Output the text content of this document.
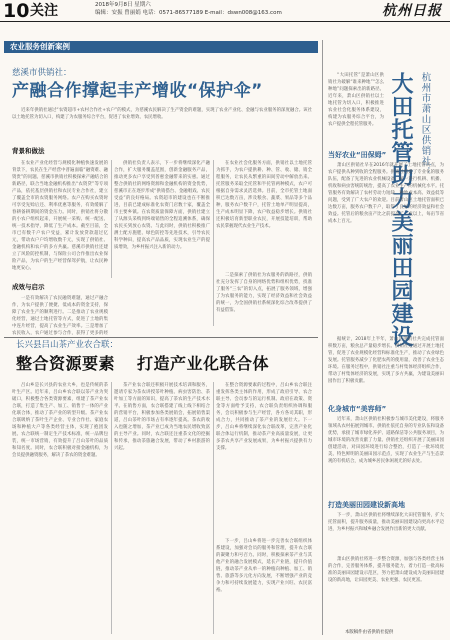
10 关注	2018年9月8日 星期六
编辑：安振 曾丽娟 电话：0571-86577189 E-mail：dswn008@163.com	杭州日报
农业服务创新案例
慈溪市供销社：
产融合作撑起丰产增收“保护伞”

近来年供销社通过“农资超市+农村合作社+农户”的模式，为慈溪农民解决了生产资金的难题，实现了农业产业化、金融与农业服务的深度融合。该社以土地托管为切入口，构建了为农服务综合平台，促进了农业增效、农民增收。

背景和做法

在农业产业化经营与规模化种植快速发展的背景下，农民在生产经营中普遍面临“融资难、融资贵”的问题。慈溪市供销社积极探索产融结合的新路径，联合当地金融机构推出“农资贷”等专项产品，依托基层供销社和农民专业合作社，建立了覆盖全市的农资服务网络。农户在购买农资时可享受先赊后还、利率优惠等服务，有效缓解了春耕备耕期间的资金压力。同时，供销社将分散的小农户组织起来，开展统一采购、统一配送、统一技术指导，降低了生产成本。截至目前，全市已有数千户农户受益，累计发放贷款超过亿元，带动农户户均增收数千元，实现了供销社、金融机构和农户的多方共赢。慈溪市供销社还建立了风险防控机制，与保险公司合作推出农业保险产品，为农户的生产经营保驾护航，让农民种地更安心。

供销社负责人表示，下一步将继续深化产融合作，扩大服务覆盖范围，创新金融服务产品，推动更多农户享受到普惠金融带来的实惠。通过整合供销社的网络资源和金融机构的资金优势，慈溪市正在逐步形成“供销搭台、金融唱戏、农民受益”的良好格局。农资超市的建设也在不断推进，目前已建成标准化农资门店数十家，覆盖全市主要乡镇。在农资质量保障方面，供销社建立了从源头采购到终端销售的全程追溯体系，确保农民买到放心农资。与此同时，供销社积极推广测土配方施肥、绿色防控等先进技术，引导农民科学种田，提高农产品品质，实现农业生产的提质增效，为乡村振兴注入新的动力。

在农业社会化服务方面，供销社以土地托管为抓手，为农户提供耕、种、管、收、储、销全程服务，让农民从繁重的田间劳动中解放出来。托管服务采取全托管和半托管两种模式，农户可根据自身需求灵活选择。目前，全市托管土地面积已达数万亩，涉及粮食、蔬菜、果品等多个品种，服务农户数千户，托管土地单产明显提高，生产成本明显下降，农户收益稳步增长。供销社还积极培育新型职业农民，开展技能培训，帮助农民掌握现代农业生产技术。

成效与启示

一是有效解决了农民融资难题，通过产融合作，为农户提供了便捷、低成本的资金支持，保障了农业生产的顺利进行。二是推动了农业规模化经营，通过土地托管等方式，促进了土地的集中连片经营，提高了农业生产效率。三是增加了农民收入，农户通过参与合作，获得了更多的经

二是探索了供销社为农服务的新路径，供销社充分发挥了自身的网络优势和组织优势，找准了服务“三农”的切入点，拓展了服务领域，增强了为农服务的能力，实现了经济效益和社会效益的统一，为全国供销社系统深化综合改革提供了有益借鉴。

长兴县吕山茶产业农合联：
整合资源要素 打造产业化联合体

吕山乡是长兴县的农业大乡，也是传统的茶叶生产区。近年来，吕山乡农合联以茶产业为突破口，积极整合各类资源要素，组建了茶产业农合联，打造了集生产、加工、销售于一体的产业化联合体，推动了茶产业的转型升级。茶产业农合联吸纳了茶叶生产企业、专业合作社、家庭农场和种植大户等各类经营主体，实现了抱团发展。农合联统一制定生产技术标准，统一品牌包装，统一市场营销，有效提升了吕山茶叶的品质和知名度。同时，农合联积极对接金融机构，为会员提供融资服务，解决了茶农的资金难题。

茶产业农合联还积极开展技术培训和服务，邀请专家为茶农讲授茶叶种植、病虫害防治、茶叶加工等方面的知识，提高了茶农的生产技术水平。在销售方面，农合联搭建了线上线下相结合的营销平台，积极参加各类展销会，拓展销售渠道，吕山茶叶的市场占有率逐年提高。茶农的收入也随之增加，茶产业已成为当地农民增收致富的主导产业。同时，农合联还注重茶文化的挖掘和传承，推动茶旅融合发展，带动了乡村旅游的兴起。

在整合资源要素的过程中，吕山乡农合联注重发挥各类主体的作用，形成了政府引导、农合联主导、会员参与的运行机制。政府在政策、资金等方面给予支持，农合联负责组织协调和服务，会员积极参与生产经营，各方各司其职，形成合力，共同推动了茶产业的发展壮大。下一步，吕山乡将继续深化农合联改革，完善产业化联合体运行机制，推动茶产业高质量发展，让更多茶农共享产业发展成果，为乡村振兴提供有力支撑。

下一步，吕山乡将进一步完善农合联组织体系建设，加强对会员的服务和管理，提升农合联的凝聚力和号召力。同时，积极探索茶产业与其他产业的融合发展模式，延长产业链，提升价值链，推动茶产业从单一的种植向种植、加工、销售、旅游等多元化方向发展，不断增强产业的竞争力和可持续发展能力，实现产业兴旺、农民富裕。

“大田托管”是萧山区供销社为破解“谁来种地”“怎么种地”问题探索出的新路径。近年来，萧山区供销社以土地托管为切入口，积极推进农业社会化服务体系建设，构建为农服务综合平台，为农户提供全程托管服务。	杭州市萧山区供销社：
大田托管助力美丽田园建设
当好农业“田保姆”

萧山区供销社早在2016年就开展了土地托管试点，为农户提供从种到收的全程服务。供销社组建了专业化的服务队伍，配备了先进的农业机械设备，统一进行机耕、机播、机收和病虫害统防统治，提高了农业生产的机械化水平。托管服务有效解决了农村劳动力短缺、种地成本高、效益低等问题，受到了广大农户的欢迎。目前萧山区土地托管面积已达数万亩，服务农户数千户，取得了良好的经济效益和社会效益。托管后的粮食亩产比之前提高了一成以上，每亩节省成本上百元。

据统计，2018年上半年，萧山区供销社共完成托管面积数万亩，粮食总产量稳步增长。供销社还通过开展土地托管，促进了农业规模化经营和标准化生产，推动了农业绿色发展。托管服务减少了化肥农药的使用量，改善了农业生态环境。在服务过程中，供销社注重与村集体经济组织合作，带动了村集体经济的发展，实现了多方共赢，为建设美丽田园作出了积极贡献。

化身城市“美容师”

近年来，萧山区供销社积极参与城市美化建设，将服务领域从农村拓展到城市。供销社依托自身的专业队伍和设备优势，承接了城市绿化养护、道路保洁等公共服务项目，为城市环境的改善贡献了力量。供销社还组织开展了美丽田园创建活动，对田园环境进行综合整治，打造了一批环境优美、特色鲜明的美丽田园示范点，实现了农业生产与生态景观的有机结合，成为城乡居民休闲观光的好去处。

打造美丽田园建设新高地

下一步，萧山区供销社将继续深化大田托管服务，扩大托管面积，提升服务质量，推动美丽田园建设向更高水平迈进，为乡村振兴和城乡融合发展作出新的更大贡献。

萧山区供销社将进一步整合资源，加强与各类经营主体的合作，完善服务体系，提升服务能力，着力打造一批高标准的美丽田园建设示范区，努力把萧山建设成为美丽田园建设的新高地，让田园更美、农业更强、农民更富。

本版稿件由省供销社提供
